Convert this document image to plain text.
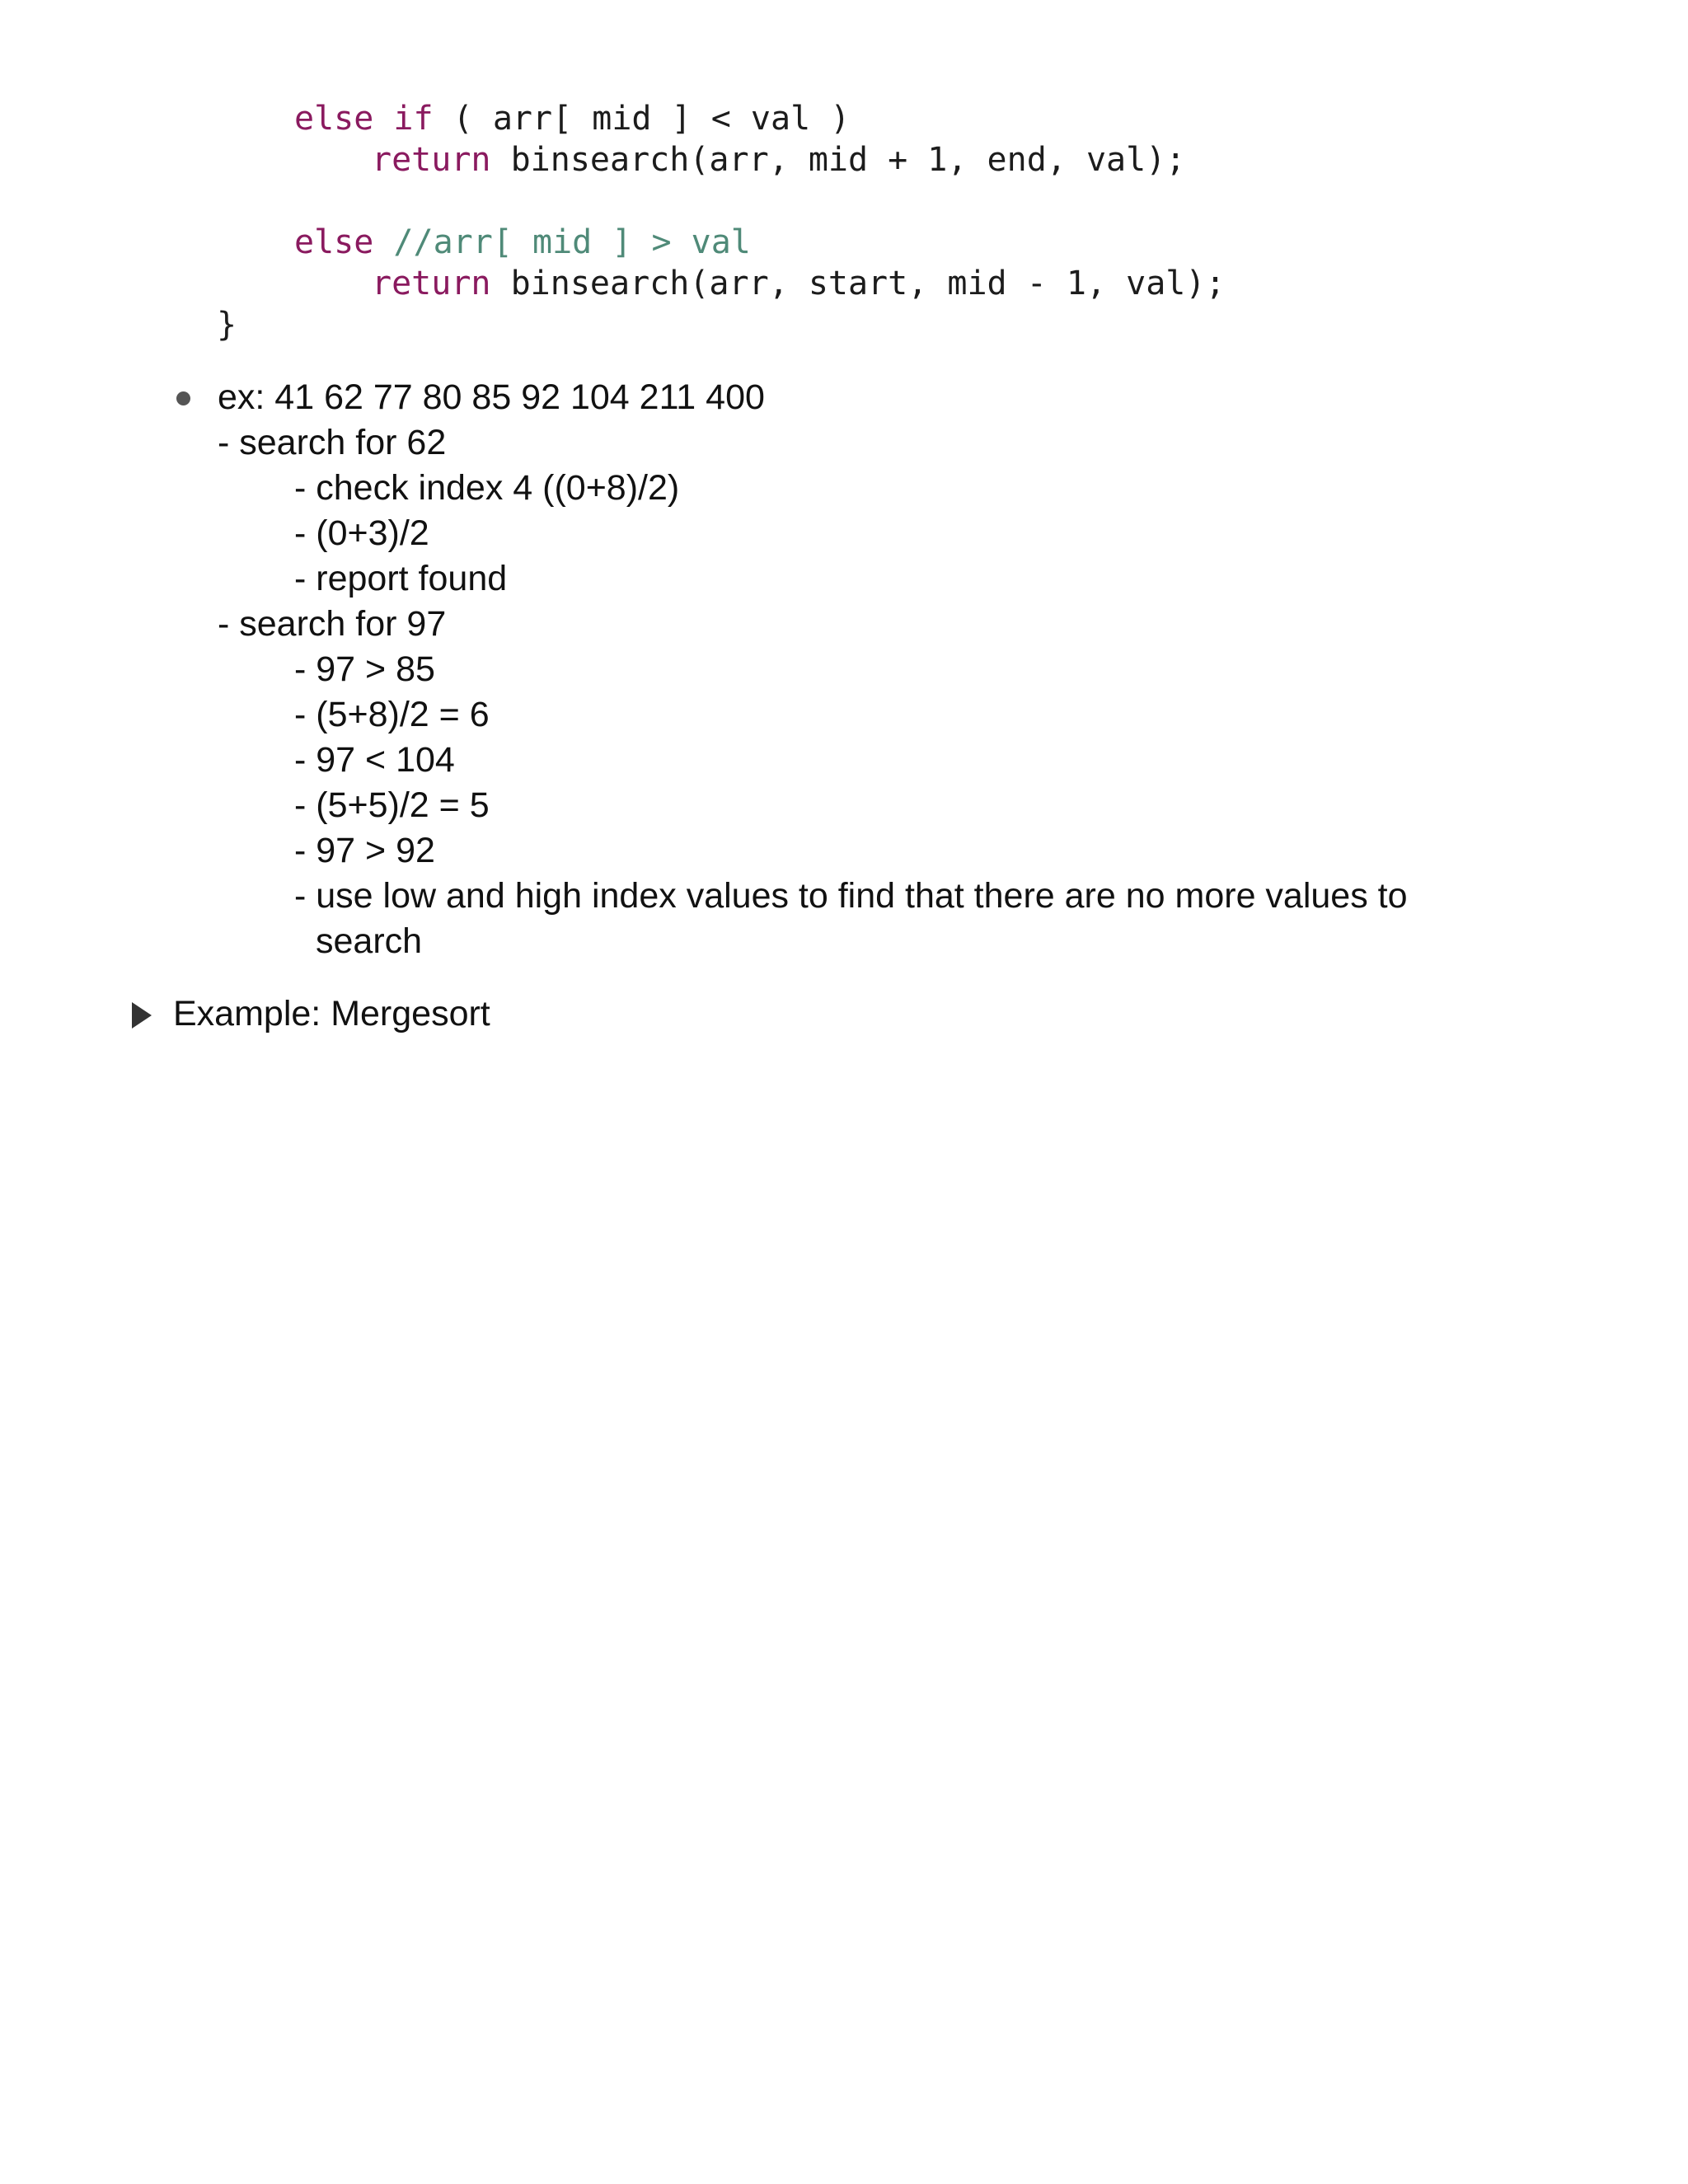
else if ( arr[ mid ] < val )

return binsearch(arr, mid + 1, end, val);

else //arr[ mid ] > val

return binsearch(arr, start, mid - 1, val);

}

ex: 41 62 77 80 85 92 104 211 400
- search for 62
- check index 4 ((0+8)/2)
- (0+3)/2
- report found
- search for 97
- 97 > 85
- (5+8)/2 = 6
- 97 < 104
- (5+5)/2 = 5
- 97 > 92
- use low and high index values to find that there are no more values to
search
Example: Mergesort
